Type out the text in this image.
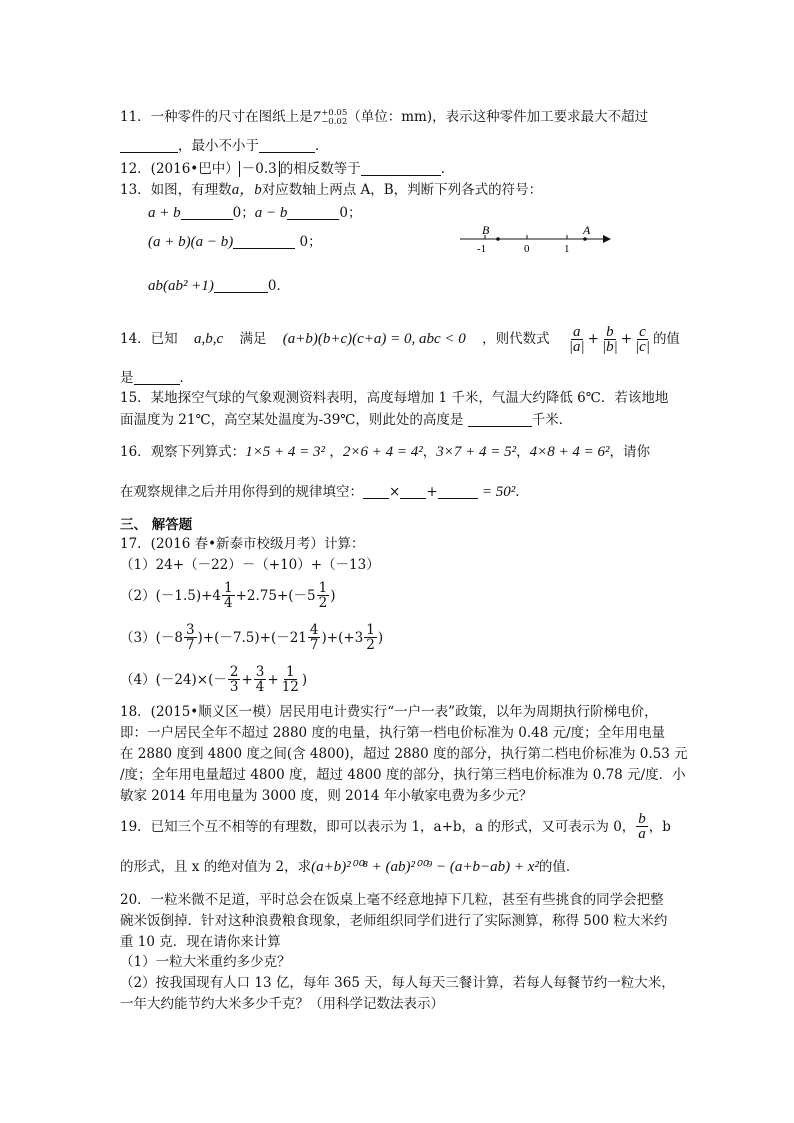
11．一种零件的尺寸在图纸上是7 +0.05
−0.02 （单位：mm)，表示这种零件加工要求最大不超过
，最小不小于	．
12．(2016•巴中） －0.3 的相反数等于	．
13．如图，有理数a，b对应数轴上两点 A，B，判断下列各式的符号：
a + b	0；a − b	0；
(a + b)(a − b)	0；
ab(ab² +1)	0．
B	A
-1	0	1
14．已知 a,b,c 满足 (a+b)(b+c)(c+a) = 0, abc < 0 ，则代数式 $\frac{a}{|a|} + \frac{b}{|b|} + \frac{c}{|c|}$ 的值
是	．
15．某地探空气球的气象观测资料表明，高度每增加 1 千米，气温大约降低 6℃．若该地地
面温度为 21℃，高空某处温度为-39℃，则此处的高度是	千米．
16．观察下列算式：1×5 + 4 = 3² ，2×6 + 4 = 4²，3×7 + 4 = 5²，4×8 + 4 = 6²，请你
在观察规律之后并用你得到的规律填空： × +	= 50²．
三、 解答题
17．(2016 春•新泰市校级月考）计算：
（1）24+（－22）－（+10）+（－13）
$(2)(-1.5)+4 \frac{1}{4} +2.75+(-5 \frac{1}{2}$ )
$(3)(-8 \frac{3}{7} )+(-7.5)+(-21 \frac{4}{7} )+(+3 \frac{1}{2}$ )
$(4)(-24)\times(- \frac{2}{3} + \frac{3}{4} + \frac{1}{12}$ )
18．(2015•顺义区一模）居民用电计费实行“一户一表”政策，以年为周期执行阶梯电价，
即：一户居民全年不超过 2880 度的电量，执行第一档电价标准为 0.48 元/度；全年用电量
在 2880 度到 4800 度之间(含 4800)，超过 2880 度的部分，执行第二档电价标准为 0.53 元
/度；全年用电量超过 4800 度，超过 4800 度的部分，执行第三档电价标准为 0.78 元/度．小
敏家 2014 年用电量为 3000 度，则 2014 年小敏家电费为多少元？
19．已知三个互不相等的有理数，即可以表示为 1，a+b，a 的形式，又可表示为 0， $\frac{b}{a}$ ，b
的形式，且 x 的绝对值为 2，求(a+b)²⁰⁰⁸ + (ab)²⁰⁰⁹ − (a+b−ab) + x²的值．
20．一粒米微不足道，平时总会在饭桌上毫不经意地掉下几粒，甚至有些挑食的同学会把整
碗米饭倒掉．针对这种浪费粮食现象，老师组织同学们进行了实际测算，称得 500 粒大米约
重 10 克．现在请你来计算
（1）一粒大米重约多少克？
（2）按我国现有人口 13 亿，每年 365 天，每人每天三餐计算，若每人每餐节约一粒大米，
一年大约能节约大米多少千克？（用科学记数法表示）
